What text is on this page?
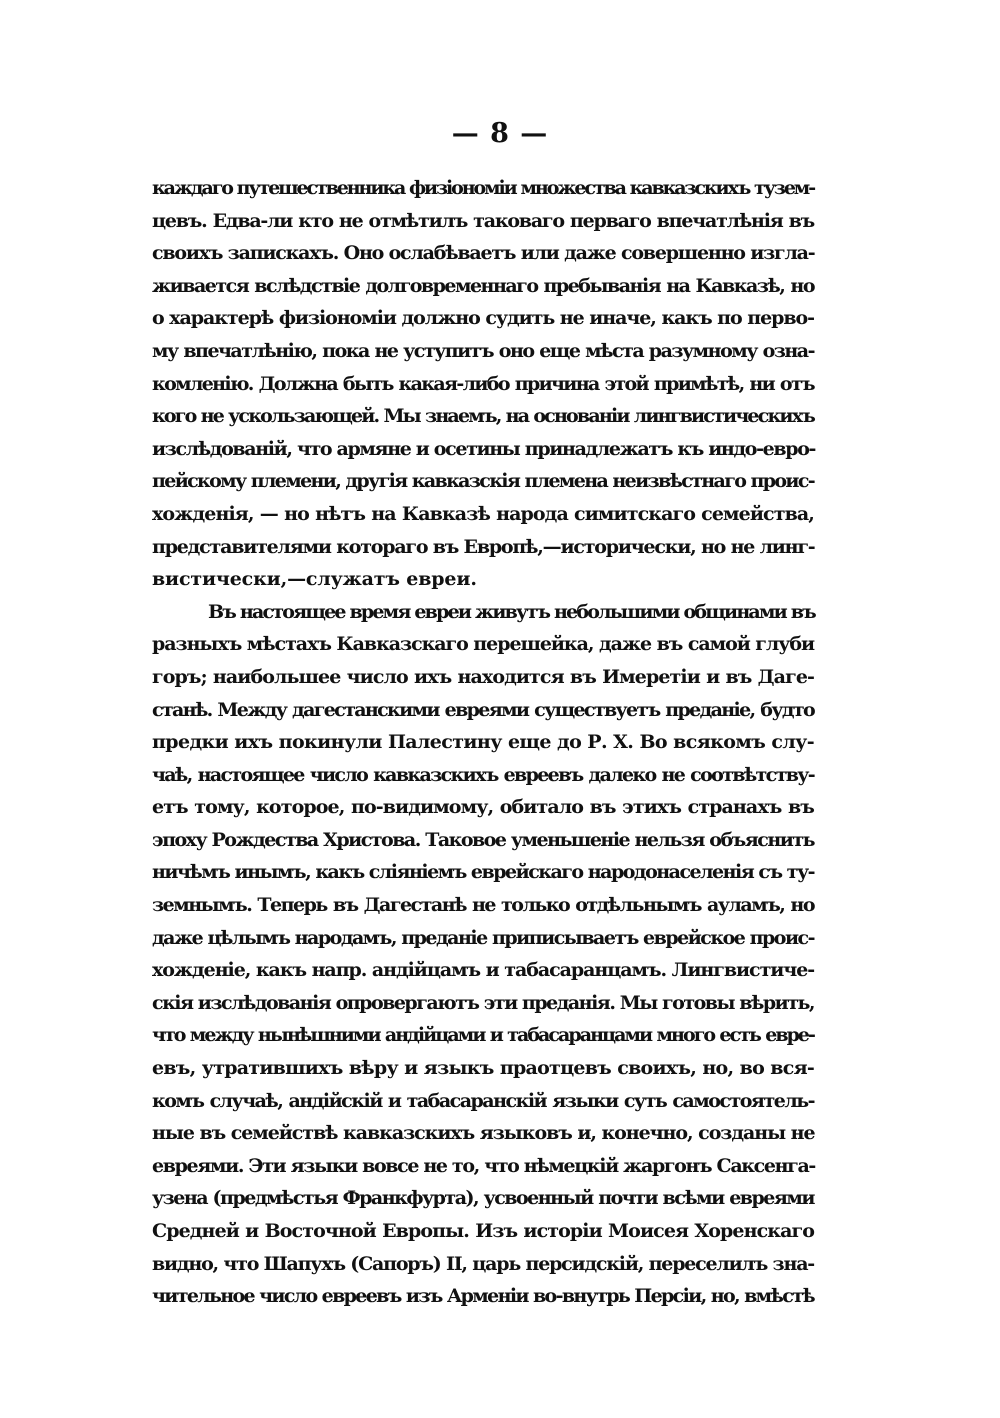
— 8 —
каждаго путешественника физіономіи множества кавказскихъ тузем-
цевъ. Едва-ли кто не отмѣтилъ таковаго перваго впечатлѣнія въ
своихъ запискахъ. Оно ослабѣваетъ или даже совершенно изгла-
живается вслѣдствіе долговременнаго пребыванія на Кавказѣ, но
о характерѣ физіономіи должно судить не иначе, какъ по перво-
му впечатлѣнію, пока не уступитъ оно еще мѣста разумному озна-
комленію. Должна быть какая-либо причина этой примѣтѣ, ни отъ
кого не ускользающей. Мы знаемъ, на основаніи лингвистическихъ
изслѣдованій, что армяне и осетины принадлежатъ къ индо-евро-
пейскому племени, другія кавказскія племена неизвѣстнаго проис-
хожденія, — но нѣтъ на Кавказѣ народа симитскаго семейства,
представителями котораго въ Европѣ,—исторически, но не линг-
вистически,—служатъ евреи.
Въ настоящее время евреи живутъ небольшими общинами въ
разныхъ мѣстахъ Кавказскаго перешейка, даже въ самой глуби
горъ; наибольшее число ихъ находится въ Имеретіи и въ Даге-
станѣ. Между дагестанскими евреями существуетъ преданіе, будто
предки ихъ покинули Палестину еще до Р. Х. Во всякомъ слу-
чаѣ, настоящее число кавказскихъ евреевъ далеко не соотвѣтству-
етъ тому, которое, по-видимому, обитало въ этихъ странахъ въ
эпоху Рождества Христова. Таковое уменьшеніе нельзя объяснить
ничѣмъ инымъ, какъ сліяніемъ еврейскаго народонаселенія съ ту-
земнымъ. Теперь въ Дагестанѣ не только отдѣльнымъ ауламъ, но
даже цѣлымъ народамъ, преданіе приписываетъ еврейское проис-
хожденіе, какъ напр. андійцамъ и табасаранцамъ. Лингвистиче-
скія изслѣдованія опровергаютъ эти преданія. Мы готовы вѣрить,
что между нынѣшними андійцами и табасаранцами много есть евре-
евъ, утратившихъ вѣру и языкъ праотцевъ своихъ, но, во вся-
комъ случаѣ, андійскій и табасаранскій языки суть самостоятель-
ные въ семействѣ кавказскихъ языковъ и, конечно, созданы не
евреями. Эти языки вовсе не то, что нѣмецкій жаргонъ Саксенга-
узена (предмѣстья Франкфурта), усвоенный почти всѣми евреями
Средней и Восточной Европы. Изъ исторіи Моисея Хоренскаго
видно, что Шапухъ (Сапоръ) II, царь персидскій, переселилъ зна-
чительное число евреевъ изъ Арменіи во-внутрь Персіи, но, вмѣстѣ
